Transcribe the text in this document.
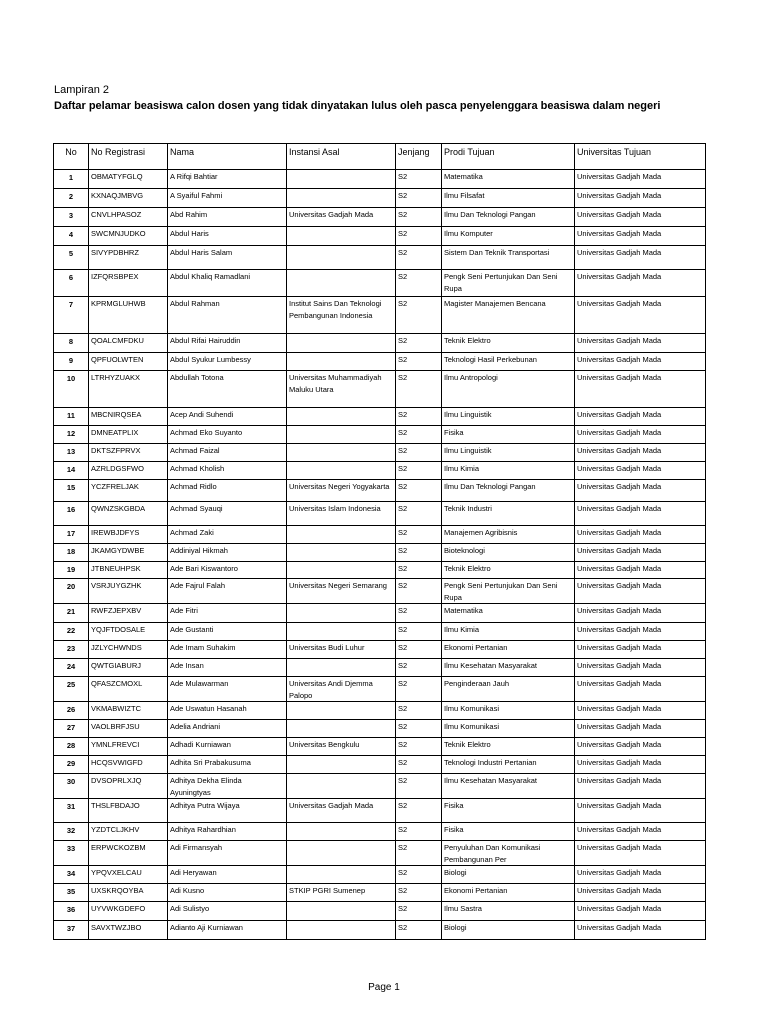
Lampiran 2
Daftar pelamar beasiswa calon dosen yang tidak dinyatakan lulus oleh pasca penyelenggara beasiswa dalam negeri
No	No Registrasi	Nama	Instansi Asal	Jenjang	Prodi Tujuan	Universitas Tujuan
1	OBMATYFGLQ	A Rifqi Bahtiar		S2	Matematika	Universitas Gadjah Mada
2	KXNAQJMBVG	A Syaiful Fahmi		S2	Ilmu Filsafat	Universitas Gadjah Mada
3	CNVLHPASOZ	Abd Rahim	Universitas Gadjah Mada	S2	Ilmu Dan Teknologi Pangan	Universitas Gadjah Mada
4	SWCMNJUDKO	Abdul Haris		S2	Ilmu Komputer	Universitas Gadjah Mada
5	SIVYPDBHRZ	Abdul Haris Salam		S2	Sistem Dan Teknik Transportasi	Universitas Gadjah Mada
6	IZFQRSBPEX	Abdul Khaliq Ramadlani		S2	Pengk Seni Pertunjukan Dan Seni Rupa	Universitas Gadjah Mada
7	KPRMGLUHWB	Abdul Rahman	Institut Sains Dan Teknologi Pembangunan Indonesia	S2	Magister Manajemen Bencana	Universitas Gadjah Mada
8	QOALCMFDKU	Abdul Rifai Hairuddin		S2	Teknik Elektro	Universitas Gadjah Mada
9	QPFUOLWTEN	Abdul Syukur Lumbessy		S2	Teknologi Hasil Perkebunan	Universitas Gadjah Mada
10	LTRHYZUAKX	Abdullah Totona	Universitas Muhammadiyah Maluku Utara	S2	Ilmu Antropologi	Universitas Gadjah Mada
11	MBCNIRQSEA	Acep Andi Suhendi		S2	Ilmu Linguistik	Universitas Gadjah Mada
12	DMNEATPLIX	Achmad Eko Suyanto		S2	Fisika	Universitas Gadjah Mada
13	DKTSZFPRVX	Achmad Faizal		S2	Ilmu Linguistik	Universitas Gadjah Mada
14	AZRLDGSFWO	Achmad Kholish		S2	Ilmu Kimia	Universitas Gadjah Mada
15	YCZFRELJAK	Achmad Ridlo	Universitas Negeri Yogyakarta	S2	Ilmu Dan Teknologi Pangan	Universitas Gadjah Mada
16	QWNZSKGBDA	Achmad Syauqi	Universitas Islam Indonesia	S2	Teknik Industri	Universitas Gadjah Mada
17	IREWBJDFYS	Achmad Zaki		S2	Manajemen Agribisnis	Universitas Gadjah Mada
18	JKAMGYDWBE	Addiniyal Hikmah		S2	Bioteknologi	Universitas Gadjah Mada
19	JTBNEUHPSK	Ade Bari Kiswantoro		S2	Teknik Elektro	Universitas Gadjah Mada
20	VSRJUYGZHK	Ade Fajrul Falah	Universitas Negeri Semarang	S2	Pengk Seni Pertunjukan Dan Seni Rupa	Universitas Gadjah Mada
21	RWFZJEPXBV	Ade Fitri		S2	Matematika	Universitas Gadjah Mada
22	YQJFTDOSALE	Ade Gustanti		S2	Ilmu Kimia	Universitas Gadjah Mada
23	JZLYCHWNDS	Ade Imam Suhakim	Universitas Budi Luhur	S2	Ekonomi Pertanian	Universitas Gadjah Mada
24	QWTGIABURJ	Ade Insan		S2	Ilmu Kesehatan Masyarakat	Universitas Gadjah Mada
25	QFASZCMOXL	Ade Mulawarman	Universitas Andi Djemma Palopo	S2	Penginderaan Jauh	Universitas Gadjah Mada
26	VKMABWIZTC	Ade Uswatun Hasanah		S2	Ilmu Komunikasi	Universitas Gadjah Mada
27	VAOLBRFJSU	Adelia Andriani		S2	Ilmu Komunikasi	Universitas Gadjah Mada
28	YMNLFREVCI	Adhadi Kurniawan	Universitas Bengkulu	S2	Teknik Elektro	Universitas Gadjah Mada
29	HCQSVWIGFD	Adhita Sri Prabakusuma		S2	Teknologi Industri Pertanian	Universitas Gadjah Mada
30	DVSOPRLXJQ	Adhitya Dekha Elinda Ayuningtyas		S2	Ilmu Kesehatan Masyarakat	Universitas Gadjah Mada
31	THSLFBDAJO	Adhitya Putra Wijaya	Universitas Gadjah Mada	S2	Fisika	Universitas Gadjah Mada
32	YZDTCLJKHV	Adhitya Rahardhian		S2	Fisika	Universitas Gadjah Mada
33	ERPWCKOZBM	Adi Firmansyah		S2	Penyuluhan Dan Komunikasi Pembangunan Per	Universitas Gadjah Mada
34	YPQVXELCAU	Adi Heryawan		S2	Biologi	Universitas Gadjah Mada
35	UXSKRQOYBA	Adi Kusno	STKIP PGRI Sumenep	S2	Ekonomi Pertanian	Universitas Gadjah Mada
36	UYVWKGDEFO	Adi Sulistyo		S2	Ilmu Sastra	Universitas Gadjah Mada
37	SAVXTWZJBO	Adianto Aji Kurniawan		S2	Biologi	Universitas Gadjah Mada
Page 1
